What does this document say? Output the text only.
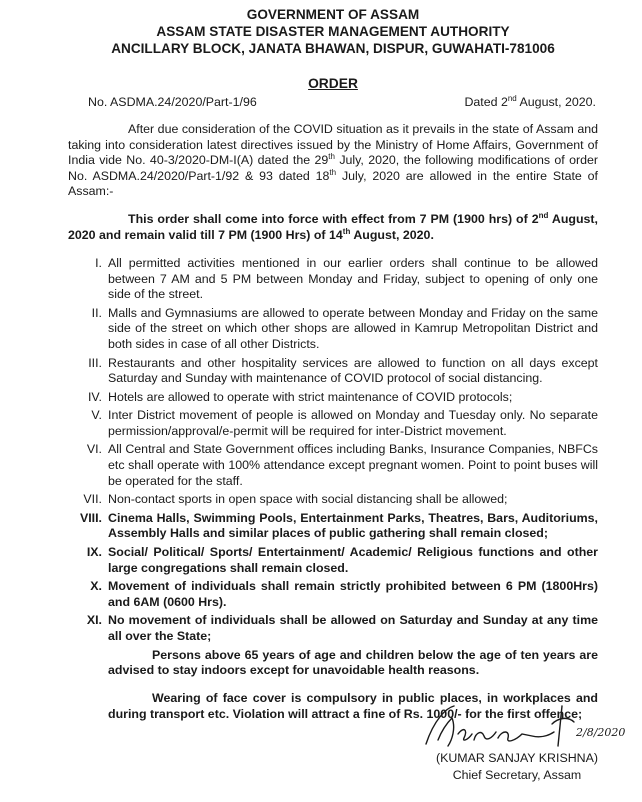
GOVERNMENT OF ASSAM
ASSAM STATE DISASTER MANAGEMENT AUTHORITY
ANCILLARY BLOCK, JANATA BHAWAN, DISPUR, GUWAHATI-781006
ORDER
No. ASDMA.24/2020/Part-1/96	Dated 2nd August, 2020.

After due consideration of the COVID situation as it prevails in the state of Assam and taking into consideration latest directives issued by the Ministry of Home Affairs, Government of India vide No. 40-3/2020-DM-I(A) dated the 29th July, 2020, the following modifications of order No. ASDMA.24/2020/Part-1/92 & 93 dated 18th July, 2020 are allowed in the entire State of Assam:-

This order shall come into force with effect from 7 PM (1900 hrs) of 2nd August, 2020 and remain valid till 7 PM (1900 Hrs) of 14th August, 2020.

I. All permitted activities mentioned in our earlier orders shall continue to be allowed between 7 AM and 5 PM between Monday and Friday, subject to opening of only one side of the street.
II. Malls and Gymnasiums are allowed to operate between Monday and Friday on the same side of the street on which other shops are allowed in Kamrup Metropolitan District and both sides in case of all other Districts.
III. Restaurants and other hospitality services are allowed to function on all days except Saturday and Sunday with maintenance of COVID protocol of social distancing.
IV. Hotels are allowed to operate with strict maintenance of COVID protocols;
V. Inter District movement of people is allowed on Monday and Tuesday only. No separate permission/approval/e-permit will be required for inter-District movement.
VI. All Central and State Government offices including Banks, Insurance Companies, NBFCs etc shall operate with 100% attendance except pregnant women. Point to point buses will be operated for the staff.
VII. Non-contact sports in open space with social distancing shall be allowed;
VIII. Cinema Halls, Swimming Pools, Entertainment Parks, Theatres, Bars, Auditoriums, Assembly Halls and similar places of public gathering shall remain closed;
IX. Social/ Political/ Sports/ Entertainment/ Academic/ Religious functions and other large congregations shall remain closed.
X. Movement of individuals shall remain strictly prohibited between 6 PM (1800Hrs) and 6AM (0600 Hrs).
XI. No movement of individuals shall be allowed on Saturday and Sunday at any time all over the State;

Persons above 65 years of age and children below the age of ten years are advised to stay indoors except for unavoidable health reasons.

Wearing of face cover is compulsory in public places, in workplaces and during transport etc. Violation will attract a fine of Rs. 1000/- for the first offence;

2/8/2020
(KUMAR SANJAY KRISHNA)
Chief Secretary, Assam
